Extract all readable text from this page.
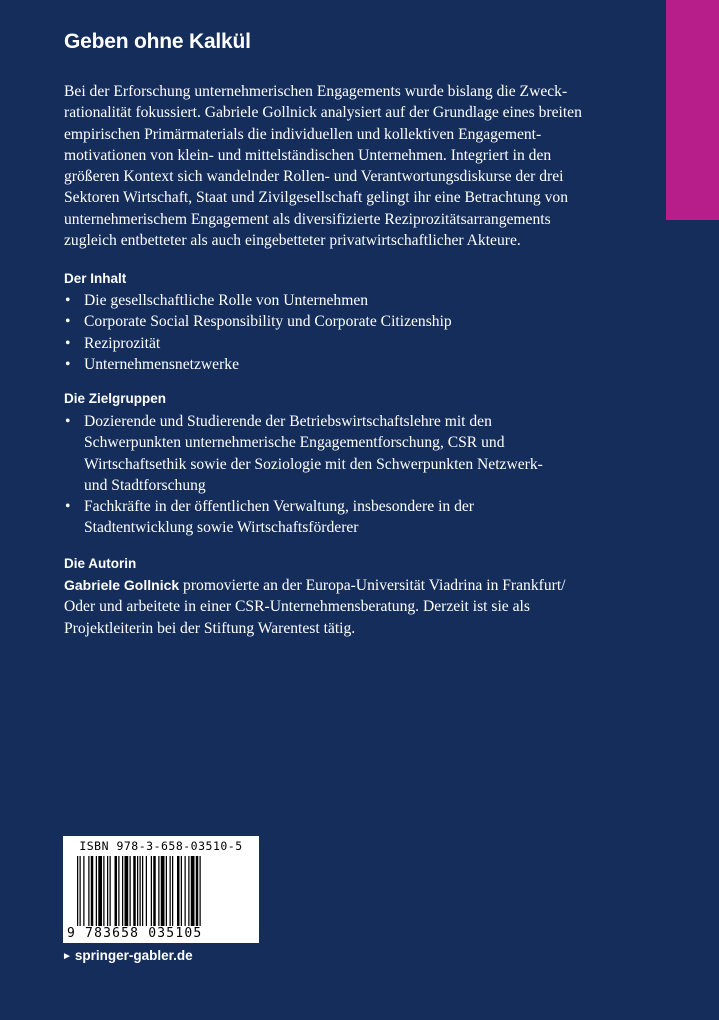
Geben ohne Kalkül

Bei der Erforschung unternehmerischen Engagements wurde bislang die Zweck-

rationalität fokussiert. Gabriele Gollnick analysiert auf der Grundlage eines breiten

empirischen Primärmaterials die individuellen und kollektiven Engagement-

motivationen von klein- und mittelständischen Unternehmen. Integriert in den

größeren Kontext sich wandelnder Rollen- und Verantwortungsdiskurse der drei

Sektoren Wirtschaft, Staat und Zivilgesellschaft gelingt ihr eine Betrachtung von

unternehmerischem Engagement als diversifizierte Reziprozitätsarrangements

zugleich entbetteter als auch eingebetteter privatwirtschaftlicher Akteure.

Der Inhalt
• Die gesellschaftliche Rolle von Unternehmen
• Corporate Social Responsibility und Corporate Citizenship
• Reziprozität
• Unternehmensnetzwerke
Die Zielgruppen
• Dozierende und Studierende der Betriebswirtschaftslehre mit den
Schwerpunkten unternehmerische Engagementforschung, CSR und
Wirtschaftsethik sowie der Soziologie mit den Schwerpunkten Netzwerk-
und Stadtforschung
• Fachkräfte in der öffentlichen Verwaltung, insbesondere in der
Stadtentwicklung sowie Wirtschaftsförderer
Die Autorin

Gabriele Gollnick promovierte an der Europa-Universität Viadrina in Frankfurt/

Oder und arbeitete in einer CSR-Unternehmensberatung. Derzeit ist sie als

Projektleiterin bei der Stiftung Warentest tätig.

ISBN 978-3-658-03510-5
9 783658 035105
► springer-gabler.de
